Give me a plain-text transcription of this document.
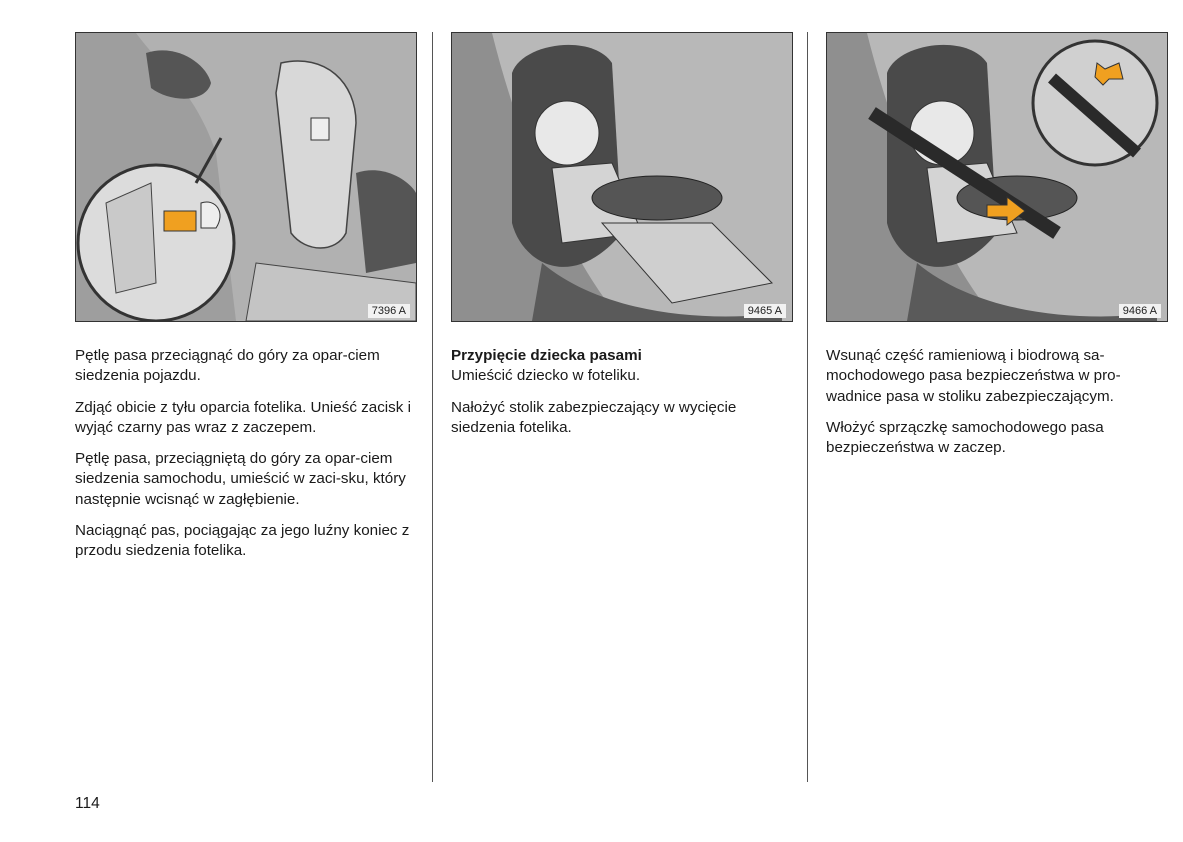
7396 A

Pętlę pasa przeciągnąć do góry za opar-ciem siedzenia pojazdu.

Zdjąć obicie z tyłu oparcia fotelika. Unieść zacisk i wyjąć czarny pas wraz z zaczepem.

Pętlę pasa, przeciągniętą do góry za opar-ciem siedzenia samochodu, umieścić w zaci-sku, który następnie wcisnąć w zagłębienie.

Naciągnąć pas, pociągając za jego luźny koniec z przodu siedzenia fotelika.

9465 A

Przypięcie dziecka pasami

Umieścić dziecko w foteliku.

Nałożyć stolik zabezpieczający w wycięcie siedzenia fotelika.

9466 A

Wsunąć część ramieniową i biodrową sa-mochodowego pasa bezpieczeństwa w pro-wadnice pasa w stoliku zabezpieczającym.

Włożyć sprzączkę samochodowego pasa bezpieczeństwa w zaczep.

114
